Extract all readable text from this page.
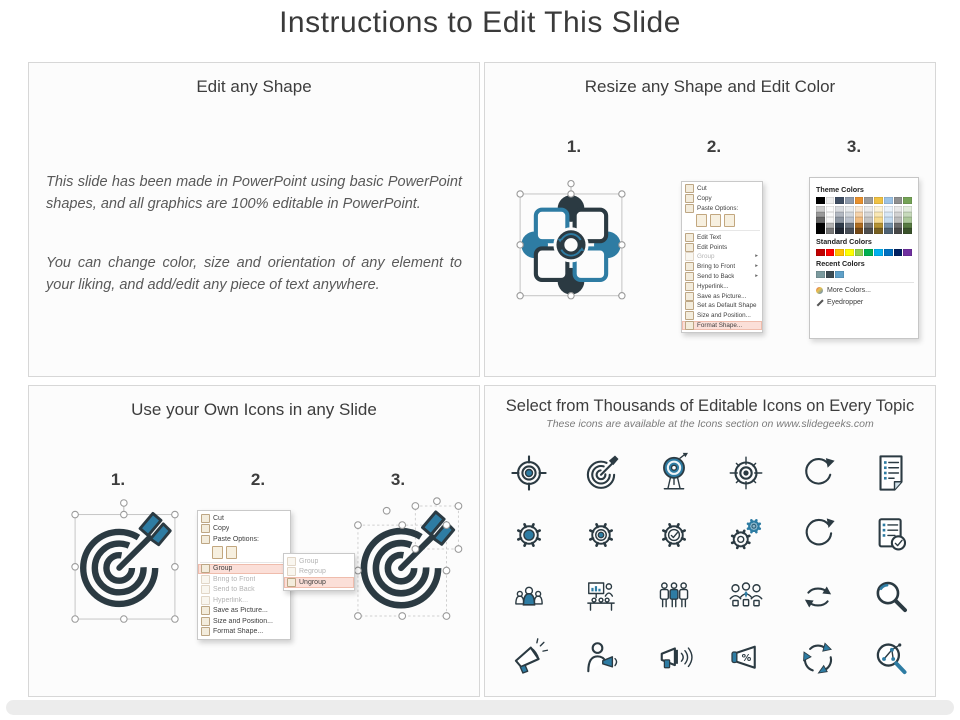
Instructions to Edit This Slide
Edit any Shape

This slide has been made in PowerPoint using basic PowerPoint shapes, and all graphics are 100% editable in PowerPoint.

You can change color, size and orientation of any element to your liking, and add/edit any piece of text anywhere.

Resize any Shape and Edit Color
1.	2.	3.
Cut
Copy
Paste Options:
Edit Text
Edit Points
Group	▸
Bring to Front	▸
Send to Back	▸
Hyperlink...
Save as Picture...
Set as Default Shape
Size and Position...
Format Shape...
Theme Colors
Standard Colors
Recent Colors
More Colors...
Eyedropper
Use your Own Icons in any Slide
1.	2.	3.
Cut
Copy
Paste Options:
Group
Bring to Front
Send to Back
Hyperlink...
Save as Picture...
Size and Position...
Format Shape...
Group
Regroup
Ungroup
Select from Thousands of Editable Icons on Every Topic

These icons are available at the Icons section on www.slidegeeks.com

%
